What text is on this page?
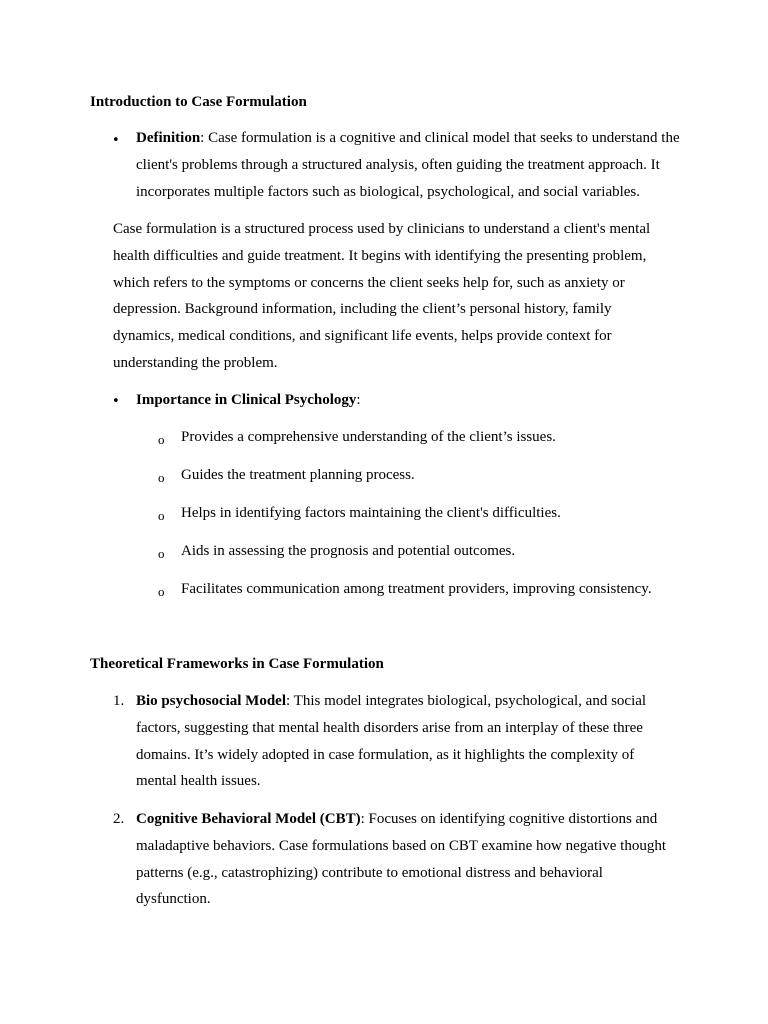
Introduction to Case Formulation
• Definition: Case formulation is a cognitive and clinical model that seeks to understand the client's problems through a structured analysis, often guiding the treatment approach. It incorporates multiple factors such as biological, psychological, and social variables.
Case formulation is a structured process used by clinicians to understand a client's mental health difficulties and guide treatment. It begins with identifying the presenting problem, which refers to the symptoms or concerns the client seeks help for, such as anxiety or depression. Background information, including the client’s personal history, family dynamics, medical conditions, and significant life events, helps provide context for understanding the problem.
• Importance in Clinical Psychology:
o Provides a comprehensive understanding of the client’s issues.
o Guides the treatment planning process.
o Helps in identifying factors maintaining the client's difficulties.
o Aids in assessing the prognosis and potential outcomes.
o Facilitates communication among treatment providers, improving consistency.
Theoretical Frameworks in Case Formulation
1. Bio psychosocial Model: This model integrates biological, psychological, and social factors, suggesting that mental health disorders arise from an interplay of these three domains. It’s widely adopted in case formulation, as it highlights the complexity of mental health issues.
2. Cognitive Behavioral Model (CBT): Focuses on identifying cognitive distortions and maladaptive behaviors. Case formulations based on CBT examine how negative thought patterns (e.g., catastrophizing) contribute to emotional distress and behavioral dysfunction.
